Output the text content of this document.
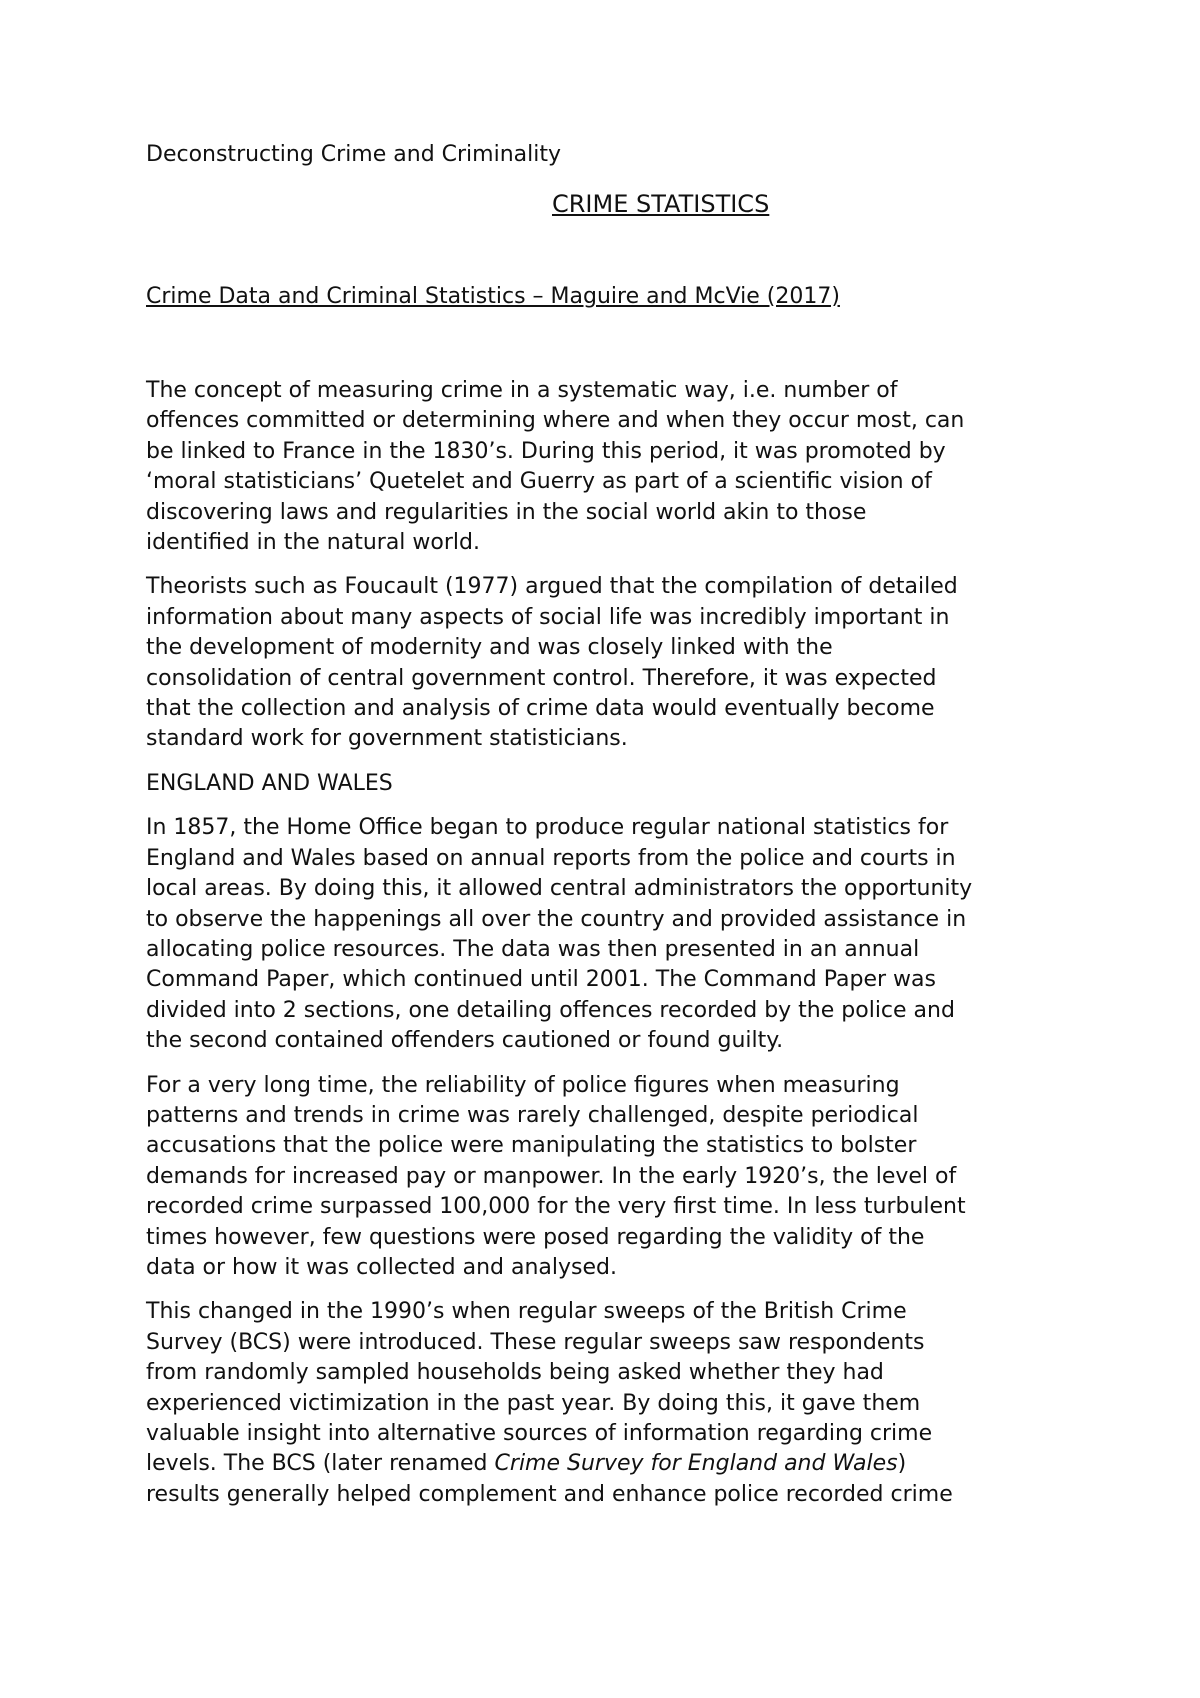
Deconstructing Crime and Criminality

CRIME STATISTICS

Crime Data and Criminal Statistics – Maguire and McVie (2017)

The concept of measuring crime in a systematic way, i.e. number of
offences committed or determining where and when they occur most, can
be linked to France in the 1830’s. During this period, it was promoted by
‘moral statisticians’ Quetelet and Guerry as part of a scientific vision of
discovering laws and regularities in the social world akin to those
identified in the natural world.

Theorists such as Foucault (1977) argued that the compilation of detailed
information about many aspects of social life was incredibly important in
the development of modernity and was closely linked with the
consolidation of central government control. Therefore, it was expected
that the collection and analysis of crime data would eventually become
standard work for government statisticians.

ENGLAND AND WALES

In 1857, the Home Office began to produce regular national statistics for
England and Wales based on annual reports from the police and courts in
local areas. By doing this, it allowed central administrators the opportunity
to observe the happenings all over the country and provided assistance in
allocating police resources. The data was then presented in an annual
Command Paper, which continued until 2001. The Command Paper was
divided into 2 sections, one detailing offences recorded by the police and
the second contained offenders cautioned or found guilty.

For a very long time, the reliability of police figures when measuring
patterns and trends in crime was rarely challenged, despite periodical
accusations that the police were manipulating the statistics to bolster
demands for increased pay or manpower. In the early 1920’s, the level of
recorded crime surpassed 100,000 for the very first time. In less turbulent
times however, few questions were posed regarding the validity of the
data or how it was collected and analysed.

This changed in the 1990’s when regular sweeps of the British Crime
Survey (BCS) were introduced. These regular sweeps saw respondents
from randomly sampled households being asked whether they had
experienced victimization in the past year. By doing this, it gave them
valuable insight into alternative sources of information regarding crime
levels. The BCS (later renamed Crime Survey for England and Wales)
results generally helped complement and enhance police recorded crime
